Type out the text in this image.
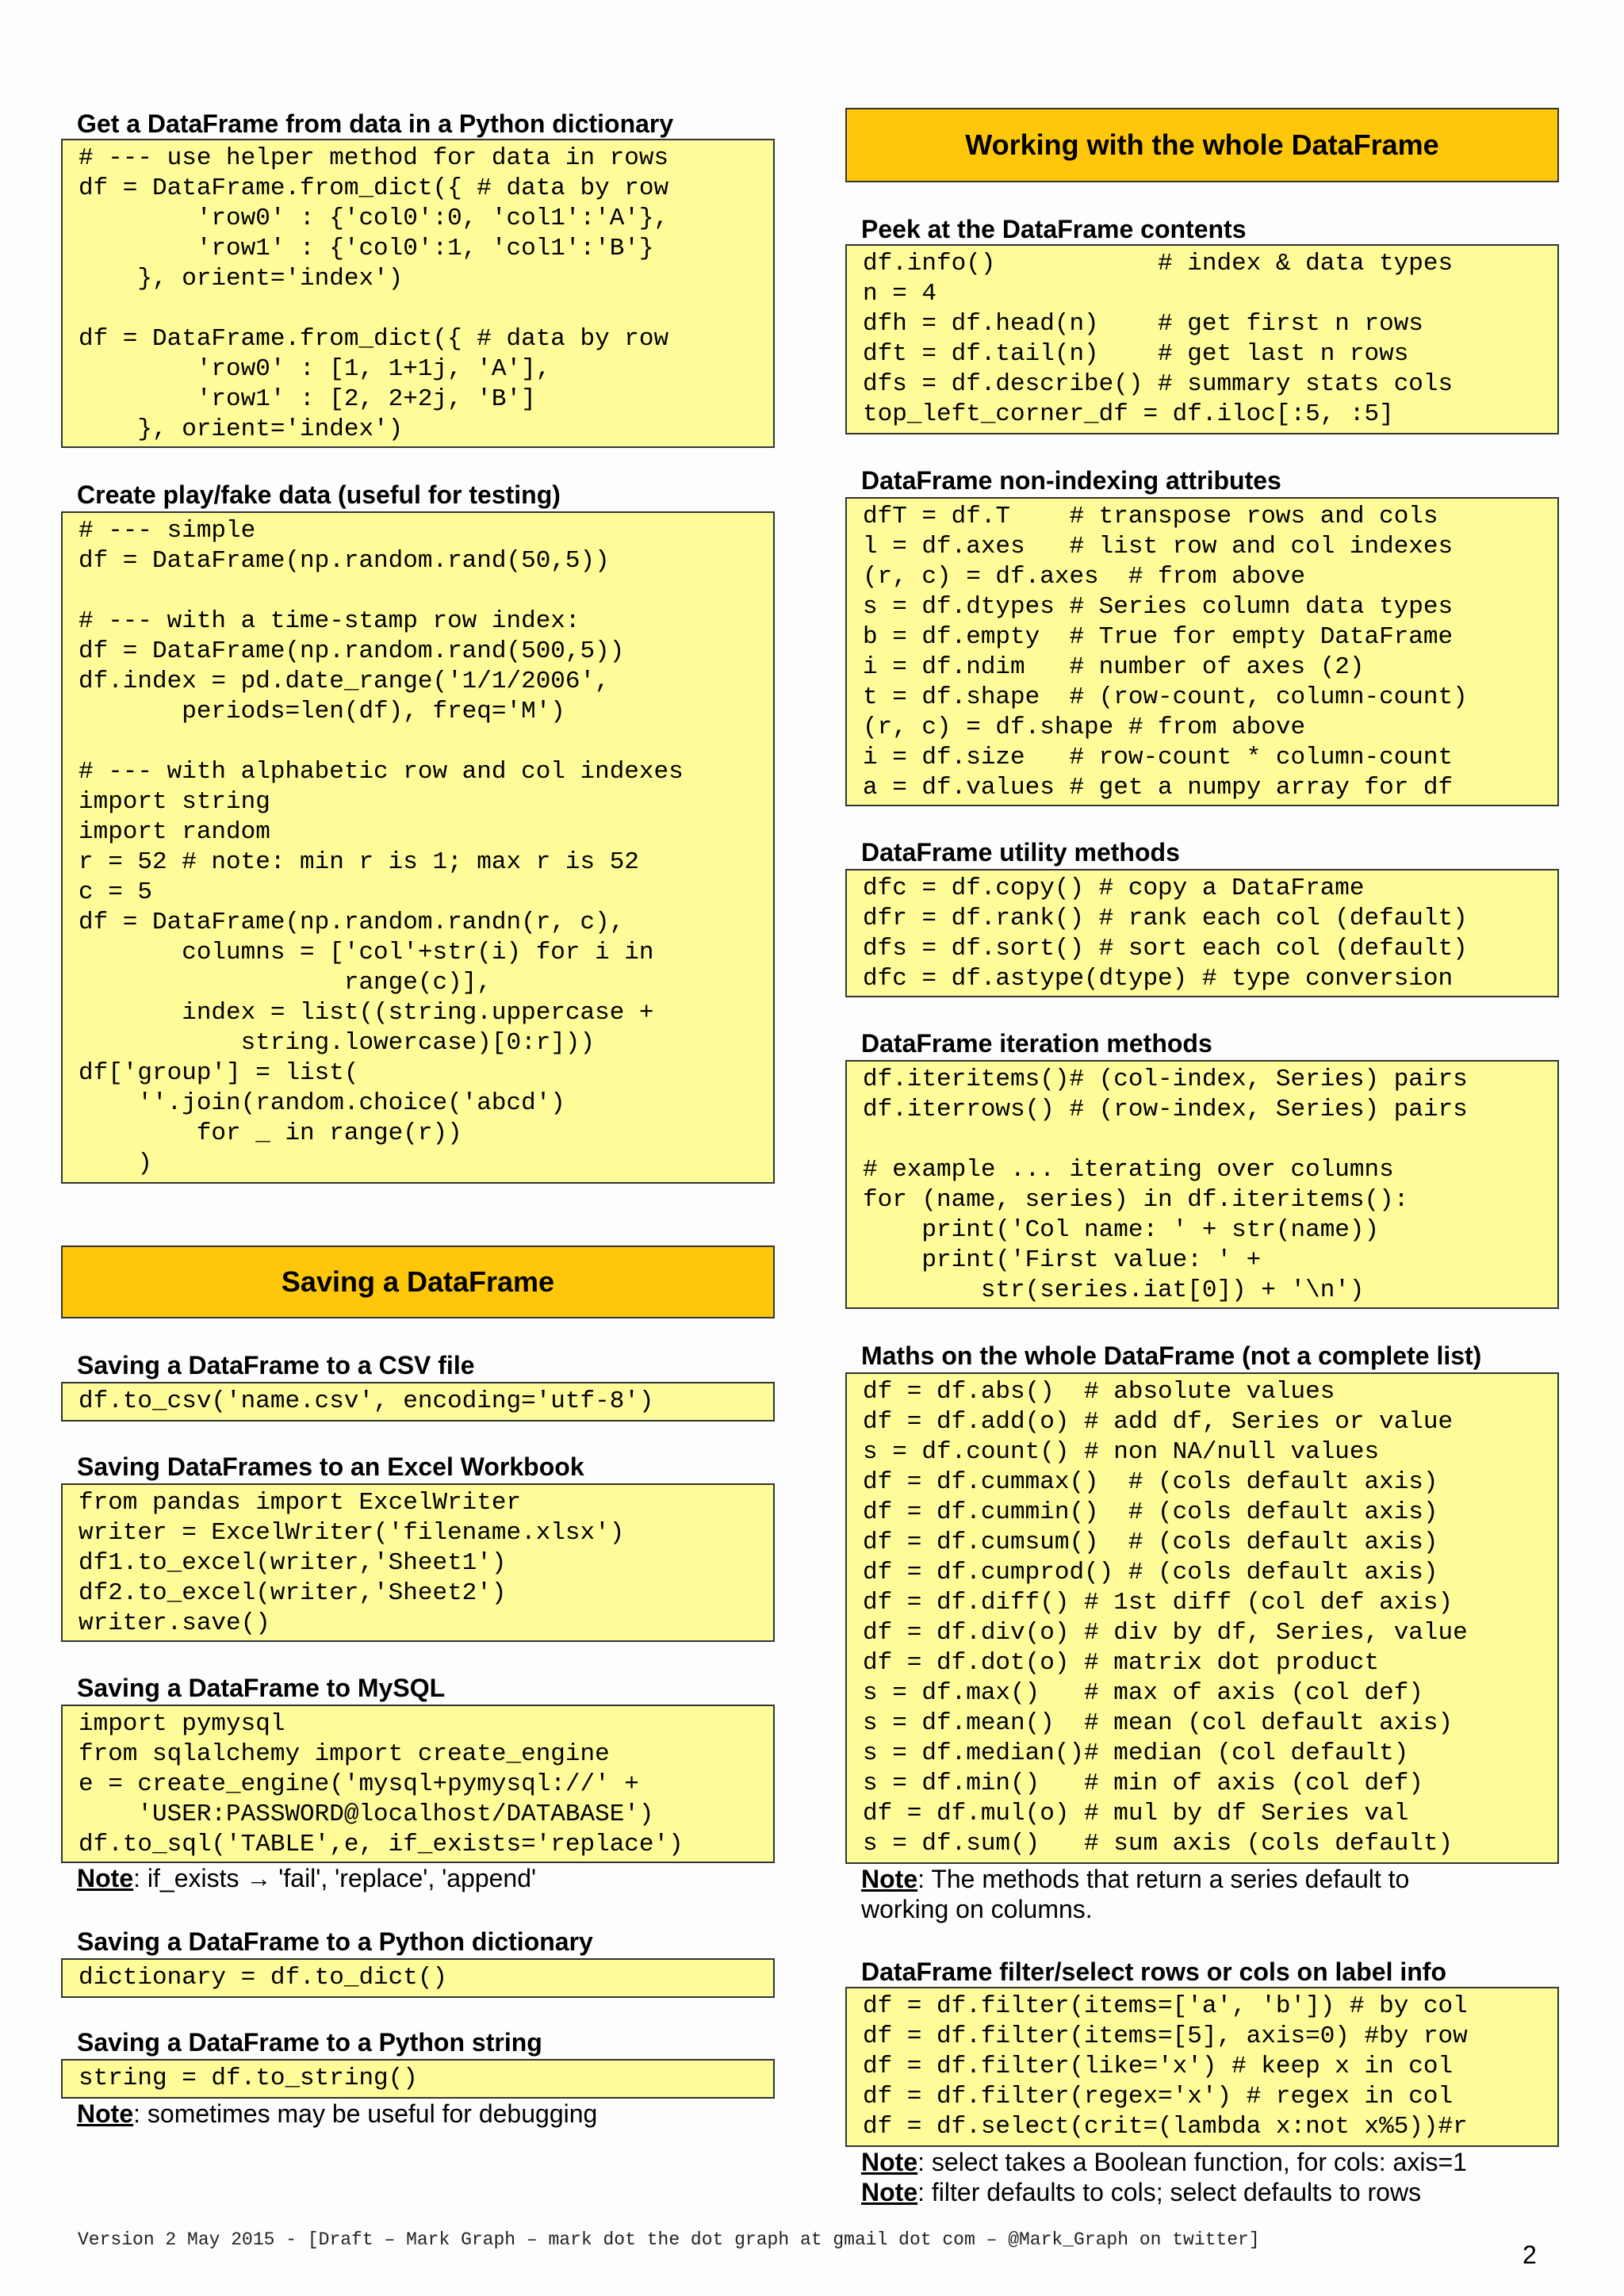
Get a DataFrame from data in a Python dictionary
# --- use helper method for data in rows
df = DataFrame.from_dict({ # data by row
'row0' : {'col0':0, 'col1':'A'},
'row1' : {'col0':1, 'col1':'B'}
}, orient='index')

df = DataFrame.from_dict({ # data by row
'row0' : [1, 1+1j, 'A'],
'row1' : [2, 2+2j, 'B']
}, orient='index')
Create play/fake data (useful for testing)
# --- simple
df = DataFrame(np.random.rand(50,5))

# --- with a time-stamp row index:
df = DataFrame(np.random.rand(500,5))
df.index = pd.date_range('1/1/2006',
periods=len(df), freq='M')

# --- with alphabetic row and col indexes
import string
import random
r = 52 # note: min r is 1; max r is 52
c = 5
df = DataFrame(np.random.randn(r, c),
columns = ['col'+str(i) for i in
range(c)],
index = list((string.uppercase +
string.lowercase)[0:r]))
df['group'] = list(
''.join(random.choice('abcd')
for _ in range(r))
)
Saving a DataFrame
Saving a DataFrame to a CSV file
df.to_csv('name.csv', encoding='utf-8')
Saving DataFrames to an Excel Workbook
from pandas import ExcelWriter
writer = ExcelWriter('filename.xlsx')
df1.to_excel(writer,'Sheet1')
df2.to_excel(writer,'Sheet2')
writer.save()
Saving a DataFrame to MySQL
import pymysql
from sqlalchemy import create_engine
e = create_engine('mysql+pymysql://' +
'USER:PASSWORD@localhost/DATABASE')
df.to_sql('TABLE',e, if_exists='replace')
Note: if_exists → 'fail', 'replace', 'append'
Saving a DataFrame to a Python dictionary
dictionary = df.to_dict()
Saving a DataFrame to a Python string
string = df.to_string()
Note: sometimes may be useful for debugging
Working with the whole DataFrame
Peek at the DataFrame contents
df.info()           # index & data types
n = 4
dfh = df.head(n)    # get first n rows
dft = df.tail(n)    # get last n rows
dfs = df.describe() # summary stats cols
top_left_corner_df = df.iloc[:5, :5]
DataFrame non-indexing attributes
dfT = df.T    # transpose rows and cols
l = df.axes   # list row and col indexes
(r, c) = df.axes  # from above
s = df.dtypes # Series column data types
b = df.empty  # True for empty DataFrame
i = df.ndim   # number of axes (2)
t = df.shape  # (row-count, column-count)
(r, c) = df.shape # from above
i = df.size   # row-count * column-count
a = df.values # get a numpy array for df
DataFrame utility methods
dfc = df.copy() # copy a DataFrame
dfr = df.rank() # rank each col (default)
dfs = df.sort() # sort each col (default)
dfc = df.astype(dtype) # type conversion
DataFrame iteration methods
df.iteritems()# (col-index, Series) pairs
df.iterrows() # (row-index, Series) pairs

# example ... iterating over columns
for (name, series) in df.iteritems():
print('Col name: ' + str(name))
print('First value: ' +
str(series.iat[0]) + '\n')
Maths on the whole DataFrame (not a complete list)
df = df.abs()  # absolute values
df = df.add(o) # add df, Series or value
s = df.count() # non NA/null values
df = df.cummax()  # (cols default axis)
df = df.cummin()  # (cols default axis)
df = df.cumsum()  # (cols default axis)
df = df.cumprod() # (cols default axis)
df = df.diff() # 1st diff (col def axis)
df = df.div(o) # div by df, Series, value
df = df.dot(o) # matrix dot product
s = df.max()   # max of axis (col def)
s = df.mean()  # mean (col default axis)
s = df.median()# median (col default)
s = df.min()   # min of axis (col def)
df = df.mul(o) # mul by df Series val
s = df.sum()   # sum axis (cols default)
Note: The methods that return a series default to
working on columns.
DataFrame filter/select rows or cols on label info
df = df.filter(items=['a', 'b']) # by col
df = df.filter(items=[5], axis=0) #by row
df = df.filter(like='x') # keep x in col
df = df.filter(regex='x') # regex in col
df = df.select(crit=(lambda x:not x%5))#r
Note: select takes a Boolean function, for cols: axis=1
Note: filter defaults to cols; select defaults to rows
Version 2 May 2015 - [Draft – Mark Graph – mark dot the dot graph at gmail dot com – @Mark_Graph on twitter]
2
